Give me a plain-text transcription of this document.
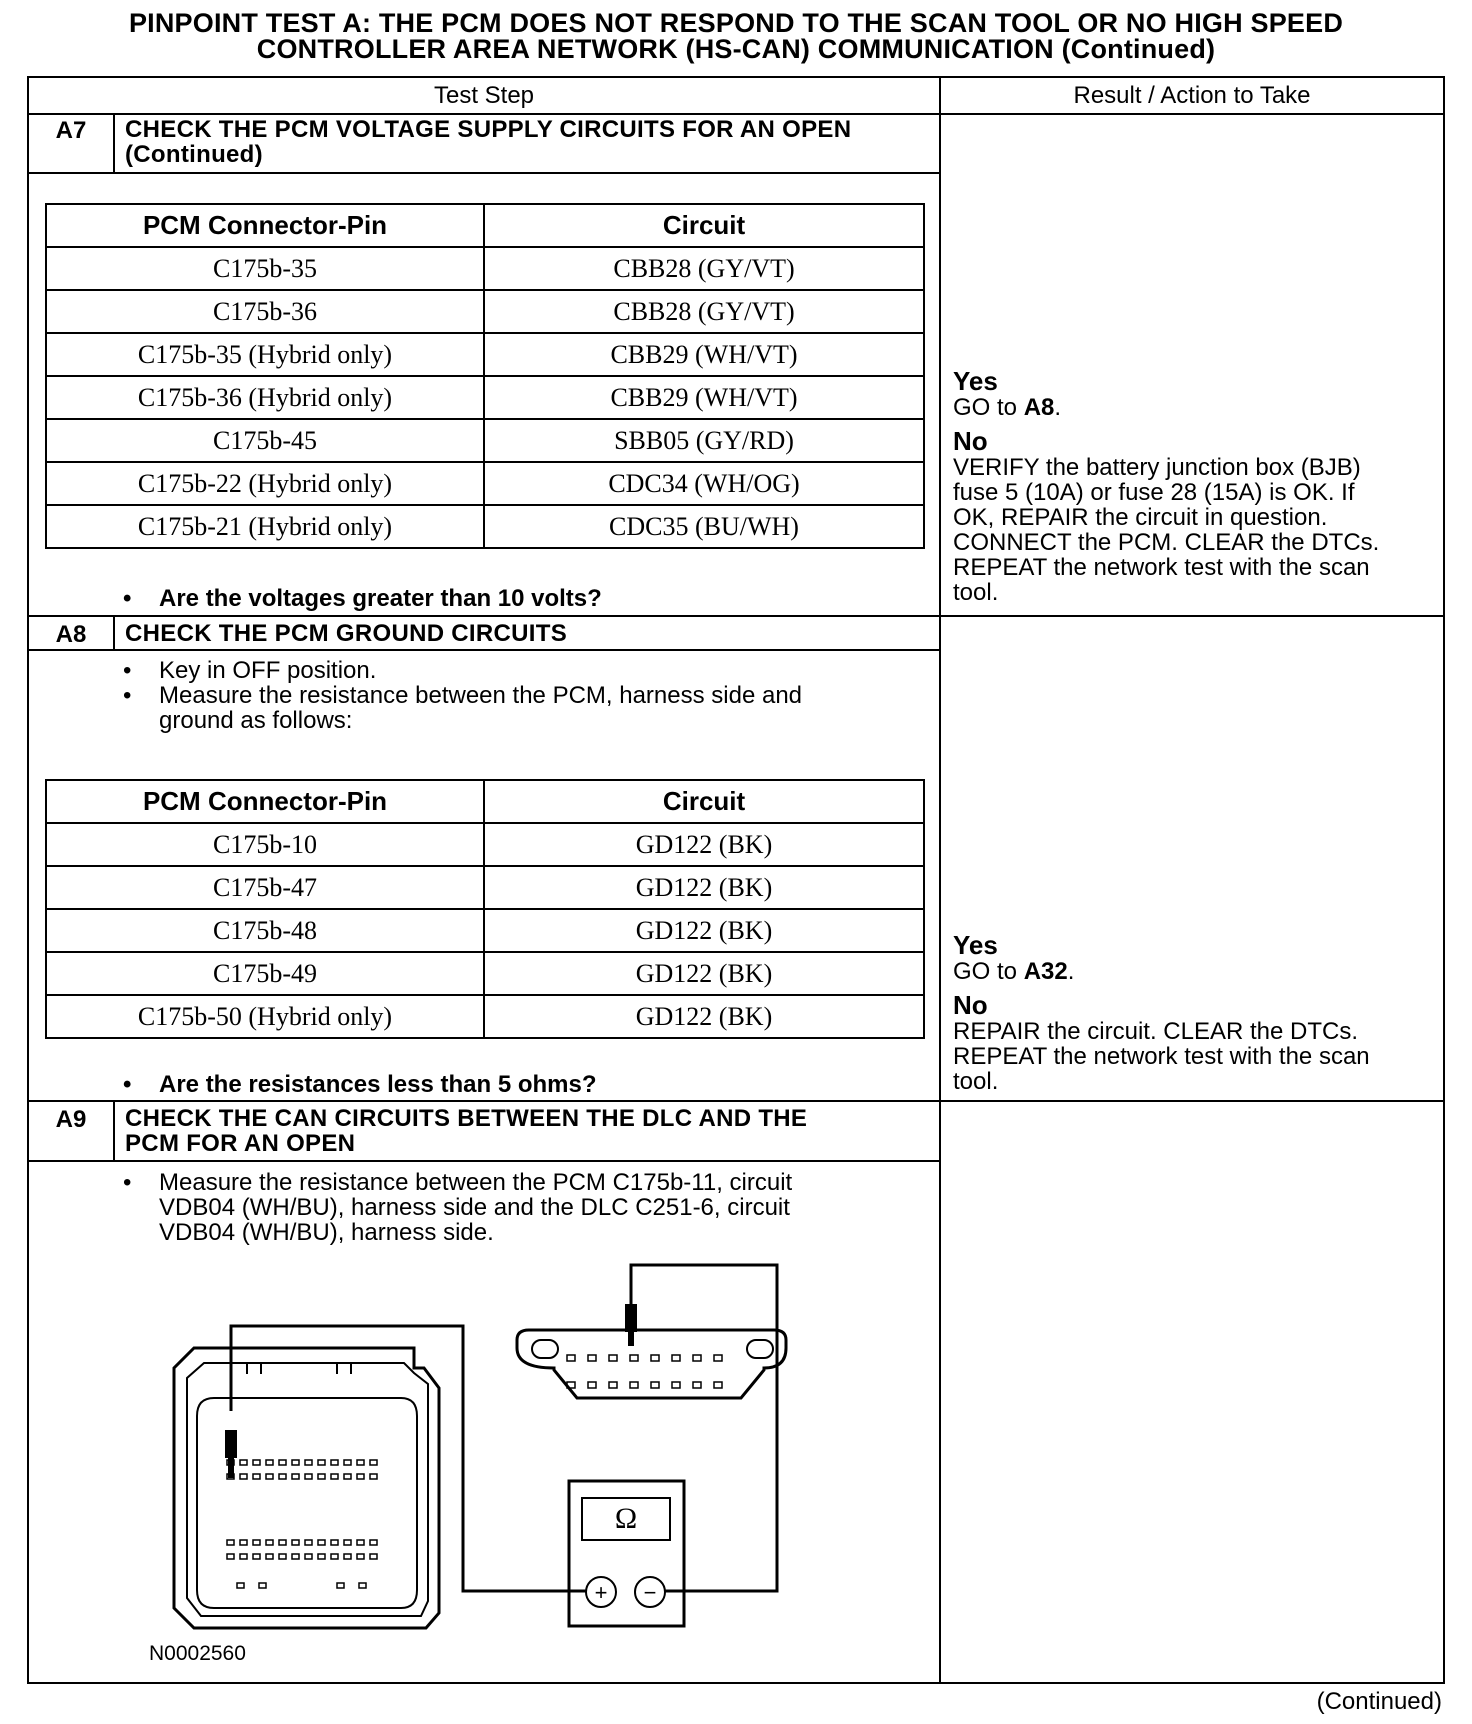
PINPOINT TEST A: THE PCM DOES NOT RESPOND TO THE SCAN TOOL OR NO HIGH SPEED
CONTROLLER AREA NETWORK (HS-CAN) COMMUNICATION (Continued)
Test Step	Result / Action to Take
A7	CHECK THE PCM VOLTAGE SUPPLY CIRCUITS FOR AN OPEN
(Continued)
PCM Connector-Pin	Circuit
C175b-35	CBB28 (GY/VT)
C175b-36	CBB28 (GY/VT)
C175b-35 (Hybrid only)	CBB29 (WH/VT)
C175b-36 (Hybrid only)	CBB29 (WH/VT)
C175b-45	SBB05 (GY/RD)
C175b-22 (Hybrid only)	CDC34 (WH/OG)
C175b-21 (Hybrid only)	CDC35 (BU/WH)
• Are the voltages greater than 10 volts?
Yes
GO to A8.
No
VERIFY the battery junction box (BJB)
fuse 5 (10A) or fuse 28 (15A) is OK. If
OK, REPAIR the circuit in question.
CONNECT the PCM. CLEAR the DTCs.
REPEAT the network test with the scan
tool.
A8	CHECK THE PCM GROUND CIRCUITS
• Key in OFF position.
• Measure the resistance between the PCM, harness side and
ground as follows:
PCM Connector-Pin	Circuit
C175b-10	GD122 (BK)
C175b-47	GD122 (BK)
C175b-48	GD122 (BK)
C175b-49	GD122 (BK)
C175b-50 (Hybrid only)	GD122 (BK)
• Are the resistances less than 5 ohms?
Yes
GO to A32.
No
REPAIR the circuit. CLEAR the DTCs.
REPEAT the network test with the scan
tool.
A9	CHECK THE CAN CIRCUITS BETWEEN THE DLC AND THE
PCM FOR AN OPEN
• Measure the resistance between the PCM C175b-11, circuit
VDB04 (WH/BU), harness side and the DLC C251-6, circuit
VDB04 (WH/BU), harness side.
Ω
+ −
N0002560
(Continued)
